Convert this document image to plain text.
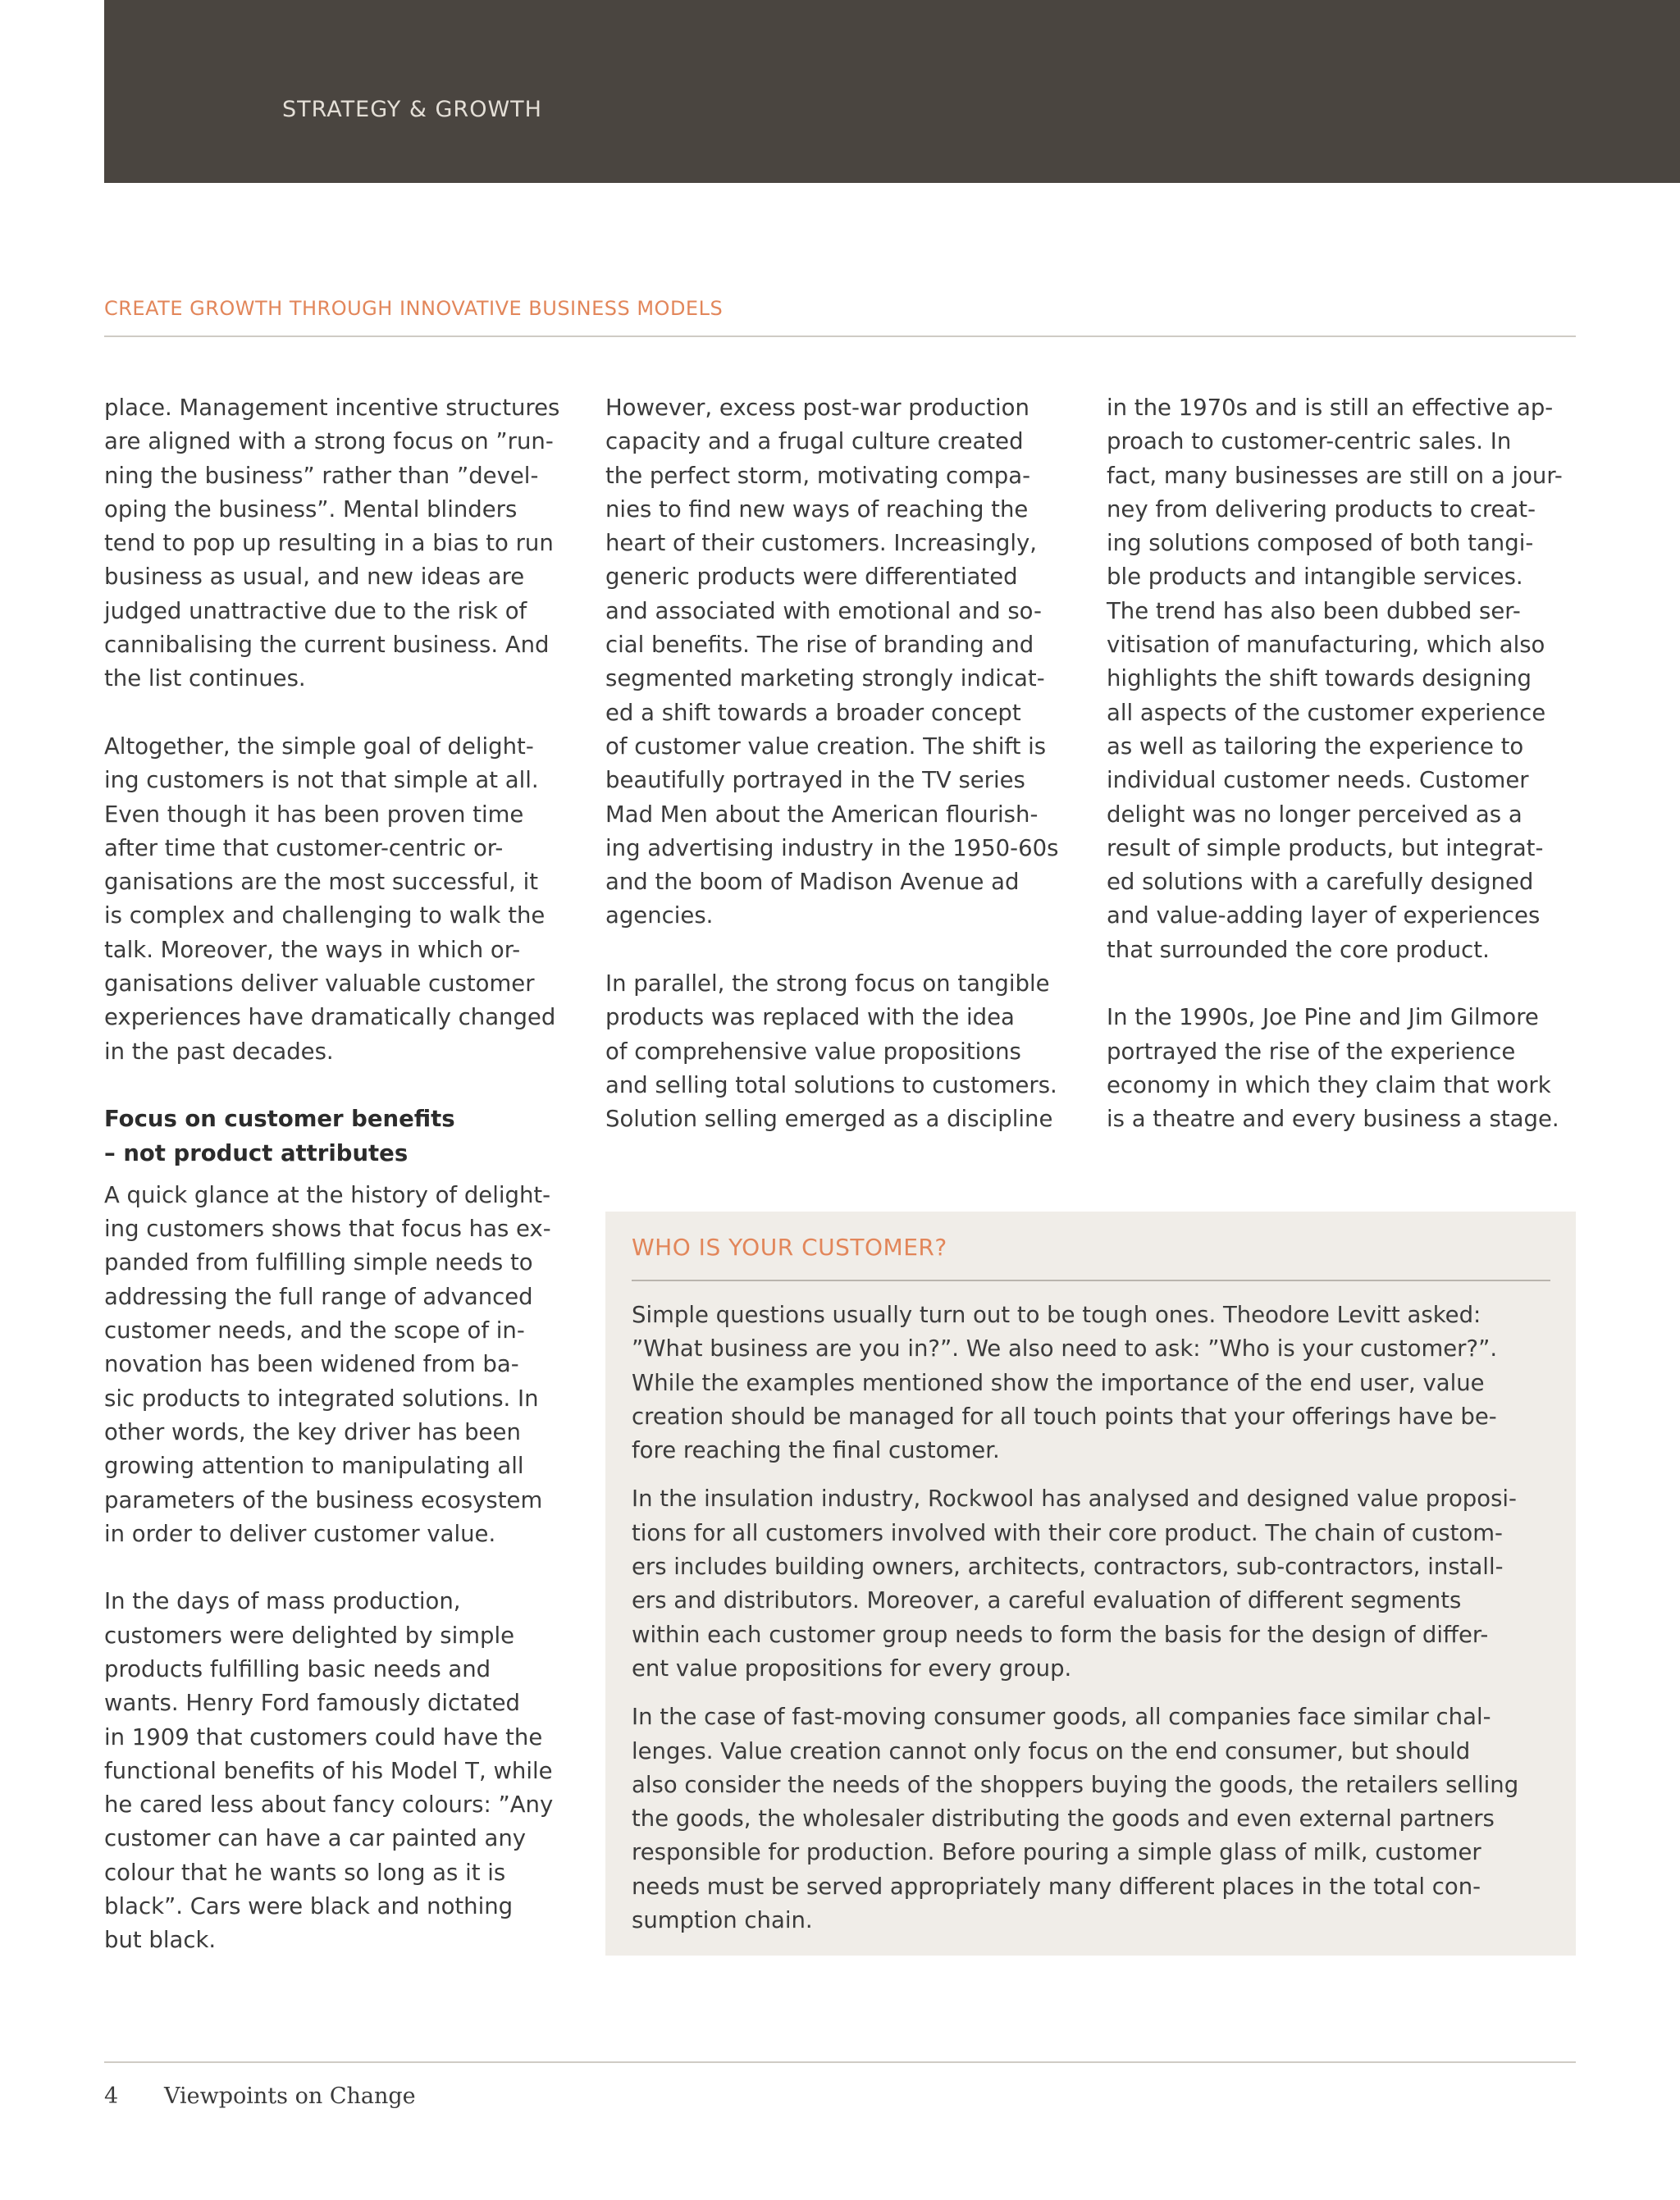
STRATEGY & GROWTH
CREATE GROWTH THROUGH INNOVATIVE BUSINESS MODELS

place. Management incentive structures
are aligned with a strong focus on ”run-
ning the business” rather than ”devel-
oping the business”. Mental blinders
tend to pop up resulting in a bias to run
business as usual, and new ideas are
judged unattractive due to the risk of
cannibalising the current business. And
the list continues.

Altogether, the simple goal of delight-
ing customers is not that simple at all.
Even though it has been proven time
after time that customer-centric or-
ganisations are the most successful, it
is complex and challenging to walk the
talk. Moreover, the ways in which or-
ganisations deliver valuable customer
experiences have dramatically changed
in the past decades.

Focus on customer benefits
– not product attributes

A quick glance at the history of delight-
ing customers shows that focus has ex-
panded from fulfilling simple needs to
addressing the full range of advanced
customer needs, and the scope of in-
novation has been widened from ba-
sic products to integrated solutions. In
other words, the key driver has been
growing attention to manipulating all
parameters of the business ecosystem
in order to deliver customer value.

In the days of mass production,
customers were delighted by simple
products fulfilling basic needs and
wants. Henry Ford famously dictated
in 1909 that customers could have the
functional benefits of his Model T, while
he cared less about fancy colours: ”Any
customer can have a car painted any
colour that he wants so long as it is
black”. Cars were black and nothing
but black.

However, excess post-war production
capacity and a frugal culture created
the perfect storm, motivating compa-
nies to find new ways of reaching the
heart of their customers. Increasingly,
generic products were differentiated
and associated with emotional and so-
cial benefits. The rise of branding and
segmented marketing strongly indicat-
ed a shift towards a broader concept
of customer value creation. The shift is
beautifully portrayed in the TV series
Mad Men about the American flourish-
ing advertising industry in the 1950-60s
and the boom of Madison Avenue ad
agencies.

In parallel, the strong focus on tangible
products was replaced with the idea
of comprehensive value propositions
and selling total solutions to customers.
Solution selling emerged as a discipline

in the 1970s and is still an effective ap-
proach to customer-centric sales. In
fact, many businesses are still on a jour-
ney from delivering products to creat-
ing solutions composed of both tangi-
ble products and intangible services.
The trend has also been dubbed ser-
vitisation of manufacturing, which also
highlights the shift towards designing
all aspects of the customer experience
as well as tailoring the experience to
individual customer needs. Customer
delight was no longer perceived as a
result of simple products, but integrat-
ed solutions with a carefully designed
and value-adding layer of experiences
that surrounded the core product.

In the 1990s, Joe Pine and Jim Gilmore
portrayed the rise of the experience
economy in which they claim that work
is a theatre and every business a stage.

WHO IS YOUR CUSTOMER?

Simple questions usually turn out to be tough ones. Theodore Levitt asked:
”What business are you in?”. We also need to ask: ”Who is your customer?”.
While the examples mentioned show the importance of the end user, value
creation should be managed for all touch points that your offerings have be-
fore reaching the final customer.

In the insulation industry, Rockwool has analysed and designed value proposi-
tions for all customers involved with their core product. The chain of custom-
ers includes building owners, architects, contractors, sub-contractors, install-
ers and distributors. Moreover, a careful evaluation of different segments
within each customer group needs to form the basis for the design of differ-
ent value propositions for every group.

In the case of fast-moving consumer goods, all companies face similar chal-
lenges. Value creation cannot only focus on the end consumer, but should
also consider the needs of the shoppers buying the goods, the retailers selling
the goods, the wholesaler distributing the goods and even external partners
responsible for production. Before pouring a simple glass of milk, customer
needs must be served appropriately many different places in the total con-
sumption chain.

4 Viewpoints on Change
